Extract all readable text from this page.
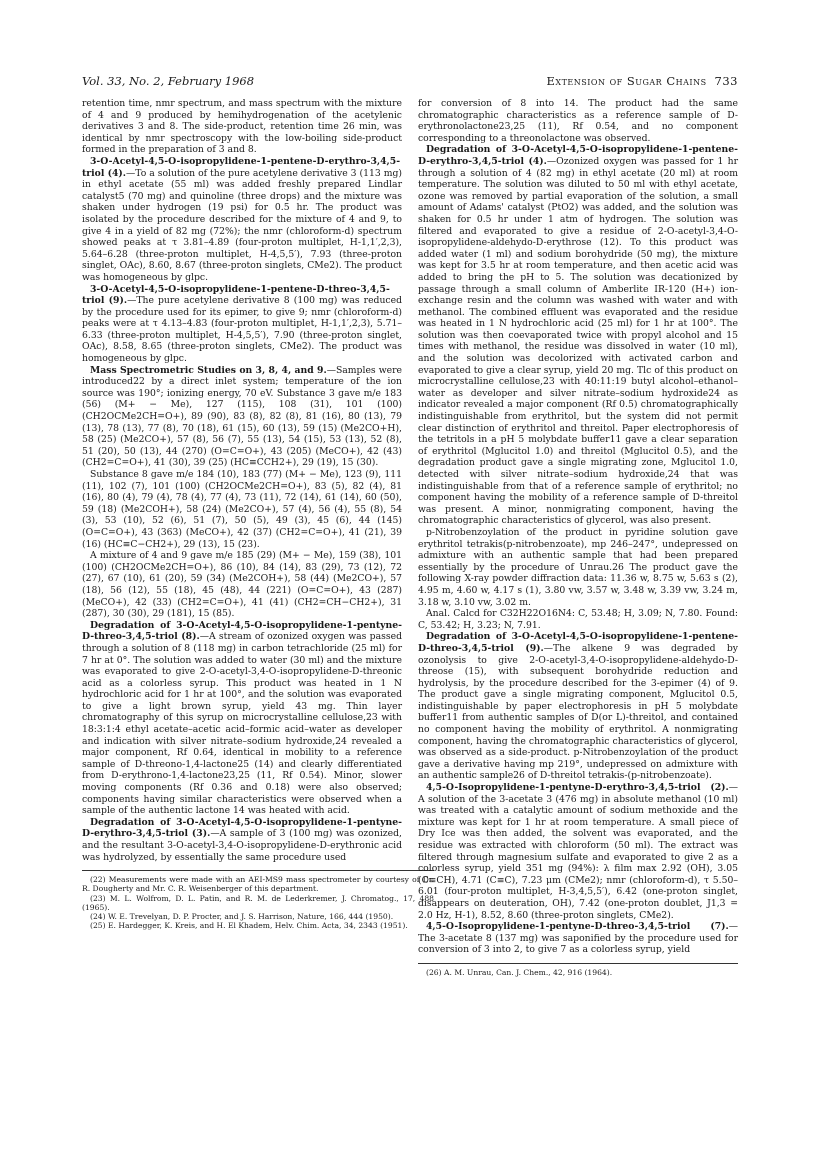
Vol. 33, No. 2, February 1968	Extension of Sugar Chains 733

retention time, nmr spectrum, and mass spectrum with the mixture of 4 and 9 produced by hemihydrogenation of the acetylenic derivatives 3 and 8. The side-product, retention time 26 min, was identical by nmr spectroscopy with the low-boiling side-product formed in the preparation of 3 and 8.

3-O-Acetyl-4,5-O-isopropylidene-1-pentene-D-erythro-3,4,5-triol (4).—To a solution of the pure acetylene derivative 3 (113 mg) in ethyl acetate (55 ml) was added freshly prepared Lindlar catalyst5 (70 mg) and quinoline (three drops) and the mixture was shaken under hydrogen (19 psi) for 0.5 hr. The product was isolated by the procedure described for the mixture of 4 and 9, to give 4 in a yield of 82 mg (72%); the nmr (chloroform-d) spectrum showed peaks at τ 3.81–4.89 (four-proton multiplet, H-1,1′,2,3), 5.64–6.28 (three-proton multiplet, H-4,5,5′), 7.93 (three-proton singlet, OAc), 8.60, 8.67 (three-proton singlets, CMe2). The product was homogeneous by glpc.

3-O-Acetyl-4,5-O-isopropylidene-1-pentene-D-threo-3,4,5-triol (9).—The pure acetylene derivative 8 (100 mg) was reduced by the procedure used for its epimer, to give 9; nmr (chloroform-d) peaks were at τ 4.13–4.83 (four-proton multiplet, H-1,1′,2,3), 5.71–6.33 (three-proton multiplet, H-4,5,5′), 7.90 (three-proton singlet, OAc), 8.58, 8.65 (three-proton singlets, CMe2). The product was homogeneous by glpc.

Mass Spectrometric Studies on 3, 8, 4, and 9.—Samples were introduced22 by a direct inlet system; temperature of the ion source was 190°; ionizing energy, 70 eV. Substance 3 gave m/e 183 (56) (M+ − Me), 127 (115), 108 (31), 101 (100) (CH2OCMe2CH=O+), 89 (90), 83 (8), 82 (8), 81 (16), 80 (13), 79 (13), 78 (13), 77 (8), 70 (18), 61 (15), 60 (13), 59 (15) (Me2CO+H), 58 (25) (Me2CO+), 57 (8), 56 (7), 55 (13), 54 (15), 53 (13), 52 (8), 51 (20), 50 (13), 44 (270) (O=C=O+), 43 (205) (MeCO+), 42 (43) (CH2=C=O+), 41 (30), 39 (25) (HC≡CCH2+), 29 (19), 15 (30).

Substance 8 gave m/e 184 (10), 183 (77) (M+ − Me), 123 (9), 111 (11), 102 (7), 101 (100) (CH2OCMe2CH=O+), 83 (5), 82 (4), 81 (16), 80 (4), 79 (4), 78 (4), 77 (4), 73 (11), 72 (14), 61 (14), 60 (50), 59 (18) (Me2COH+), 58 (24) (Me2CO+), 57 (4), 56 (4), 55 (8), 54 (3), 53 (10), 52 (6), 51 (7), 50 (5), 49 (3), 45 (6), 44 (145) (O=C=O+), 43 (363) (MeCO+), 42 (37) (CH2=C=O+), 41 (21), 39 (16) (HC≡C−CH2+), 29 (13), 15 (23).

A mixture of 4 and 9 gave m/e 185 (29) (M+ − Me), 159 (38), 101 (100) (CH2OCMe2CH=O+), 86 (10), 84 (14), 83 (29), 73 (12), 72 (27), 67 (10), 61 (20), 59 (34) (Me2COH+), 58 (44) (Me2CO+), 57 (18), 56 (12), 55 (18), 45 (48), 44 (221) (O=C=O+), 43 (287) (MeCO+), 42 (33) (CH2=C=O+), 41 (41) (CH2=CH−CH2+), 31 (287), 30 (30), 29 (181), 15 (85).

Degradation of 3-O-Acetyl-4,5-O-isopropylidene-1-pentyne-D-threo-3,4,5-triol (8).—A stream of ozonized oxygen was passed through a solution of 8 (118 mg) in carbon tetrachloride (25 ml) for 7 hr at 0°. The solution was added to water (30 ml) and the mixture was evaporated to give 2-O-acetyl-3,4-O-isopropylidene-D-threonic acid as a colorless syrup. This product was heated in 1 N hydrochloric acid for 1 hr at 100°, and the solution was evaporated to give a light brown syrup, yield 43 mg. Thin layer chromatography of this syrup on microcrystalline cellulose,23 with 18:3:1:4 ethyl acetate–acetic acid–formic acid–water as developer and indication with silver nitrate–sodium hydroxide,24 revealed a major component, Rf 0.64, identical in mobility to a reference sample of D-threono-1,4-lactone25 (14) and clearly differentiated from D-erythrono-1,4-lactone23,25 (11, Rf 0.54). Minor, slower moving components (Rf 0.36 and 0.18) were also observed; components having similar characteristics were observed when a sample of the authentic lactone 14 was heated with acid.

Degradation of 3-O-Acetyl-4,5-O-isopropylidene-1-pentyne-D-erythro-3,4,5-triol (3).—A sample of 3 (100 mg) was ozonized, and the resultant 3-O-acetyl-3,4-O-isopropylidene-D-erythronic acid was hydrolyzed, by essentially the same procedure used

(22) Measurements were made with an AEI-MS9 mass spectrometer by courtesy of Dr. R. Dougherty and Mr. C. R. Weisenberger of this department.

(23) M. L. Wolfrom, D. L. Patin, and R. M. de Lederkremer, J. Chromatog., 17, 488 (1965).

(24) W. E. Trevelyan, D. P. Procter, and J. S. Harrison, Nature, 166, 444 (1950).

(25) E. Hardegger, K. Kreis, and H. El Khadem, Helv. Chim. Acta, 34, 2343 (1951).

for conversion of 8 into 14. The product had the same chromatographic characteristics as a reference sample of D-erythronolactone23,25 (11), Rf 0.54, and no component corresponding to a threonolactone was observed.

Degradation of 3-O-Acetyl-4,5-O-isopropylidene-1-pentene-D-erythro-3,4,5-triol (4).—Ozonized oxygen was passed for 1 hr through a solution of 4 (82 mg) in ethyl acetate (20 ml) at room temperature. The solution was diluted to 50 ml with ethyl acetate, ozone was removed by partial evaporation of the solution, a small amount of Adams' catalyst (PtO2) was added, and the solution was shaken for 0.5 hr under 1 atm of hydrogen. The solution was filtered and evaporated to give a residue of 2-O-acetyl-3,4-O-isopropylidene-aldehydo-D-erythrose (12). To this product was added water (1 ml) and sodium borohydride (50 mg), the mixture was kept for 3.5 hr at room temperature, and then acetic acid was added to bring the pH to 5. The solution was decationized by passage through a small column of Amberlite IR-120 (H+) ion-exchange resin and the column was washed with water and with methanol. The combined effluent was evaporated and the residue was heated in 1 N hydrochloric acid (25 ml) for 1 hr at 100°. The solution was then coevaporated twice with propyl alcohol and 15 times with methanol, the residue was dissolved in water (10 ml), and the solution was decolorized with activated carbon and evaporated to give a clear syrup, yield 20 mg. Tlc of this product on microcrystalline cellulose,23 with 40:11:19 butyl alcohol–ethanol–water as developer and silver nitrate–sodium hydroxide24 as indicator revealed a major component (Rf 0.5) chromatographically indistinguishable from erythritol, but the system did not permit clear distinction of erythritol and threitol. Paper electrophoresis of the tetritols in a pH 5 molybdate buffer11 gave a clear separation of erythritol (Mglucitol 1.0) and threitol (Mglucitol 0.5), and the degradation product gave a single migrating zone, Mglucitol 1.0, detected with silver nitrate–sodium hydroxide,24 that was indistinguishable from that of a reference sample of erythritol; no component having the mobility of a reference sample of D-threitol was present. A minor, nonmigrating component, having the chromatographic characteristics of glycerol, was also present.

p-Nitrobenzoylation of the product in pyridine solution gave erythritol tetrakis(p-nitrobenzoate), mp 246–247°, undepressed on admixture with an authentic sample that had been prepared essentially by the procedure of Unrau.26 The product gave the following X-ray powder diffraction data: 11.36 w, 8.75 w, 5.63 s (2), 4.95 m, 4.60 w, 4.17 s (1), 3.80 vw, 3.57 w, 3.48 w, 3.39 vw, 3.24 m, 3.18 w, 3.10 vw, 3.02 m.

Anal. Calcd for C32H22O16N4: C, 53.48; H, 3.09; N, 7.80. Found: C, 53.42; H, 3.23; N, 7.91.

Degradation of 3-O-Acetyl-4,5-O-isopropylidene-1-pentene-D-threo-3,4,5-triol (9).—The alkene 9 was degraded by ozonolysis to give 2-O-acetyl-3,4-O-isopropylidene-aldehydo-D-threose (15), with subsequent borohydride reduction and hydrolysis, by the procedure described for the 3-epimer (4) of 9. The product gave a single migrating component, Mglucitol 0.5, indistinguishable by paper electrophoresis in pH 5 molybdate buffer11 from authentic samples of D(or L)-threitol, and contained no component having the mobility of erythritol. A nonmigrating component, having the chromatographic characteristics of glycerol, was observed as a side-product. p-Nitrobenzoylation of the product gave a derivative having mp 219°, undepressed on admixture with an authentic sample26 of D-threitol tetrakis-(p-nitrobenzoate).

4,5-O-Isopropylidene-1-pentyne-D-erythro-3,4,5-triol (2).—A solution of the 3-acetate 3 (476 mg) in absolute methanol (10 ml) was treated with a catalytic amount of sodium methoxide and the mixture was kept for 1 hr at room temperature. A small piece of Dry Ice was then added, the solvent was evaporated, and the residue was extracted with chloroform (50 ml). The extract was filtered through magnesium sulfate and evaporated to give 2 as a colorless syrup, yield 351 mg (94%): λ film max 2.92 (OH), 3.05 (C≡CH), 4.71 (C≡C), 7.23 μm (CMe2); nmr (chloroform-d), τ 5.50–6.01 (four-proton multiplet, H-3,4,5,5′), 6.42 (one-proton singlet, disappears on deuteration, OH), 7.42 (one-proton doublet, J1,3 = 2.0 Hz, H-1), 8.52, 8.60 (three-proton singlets, CMe2).

4,5-O-Isopropylidene-1-pentyne-D-threo-3,4,5-triol (7).—The 3-acetate 8 (137 mg) was saponified by the procedure used for conversion of 3 into 2, to give 7 as a colorless syrup, yield

(26) A. M. Unrau, Can. J. Chem., 42, 916 (1964).
